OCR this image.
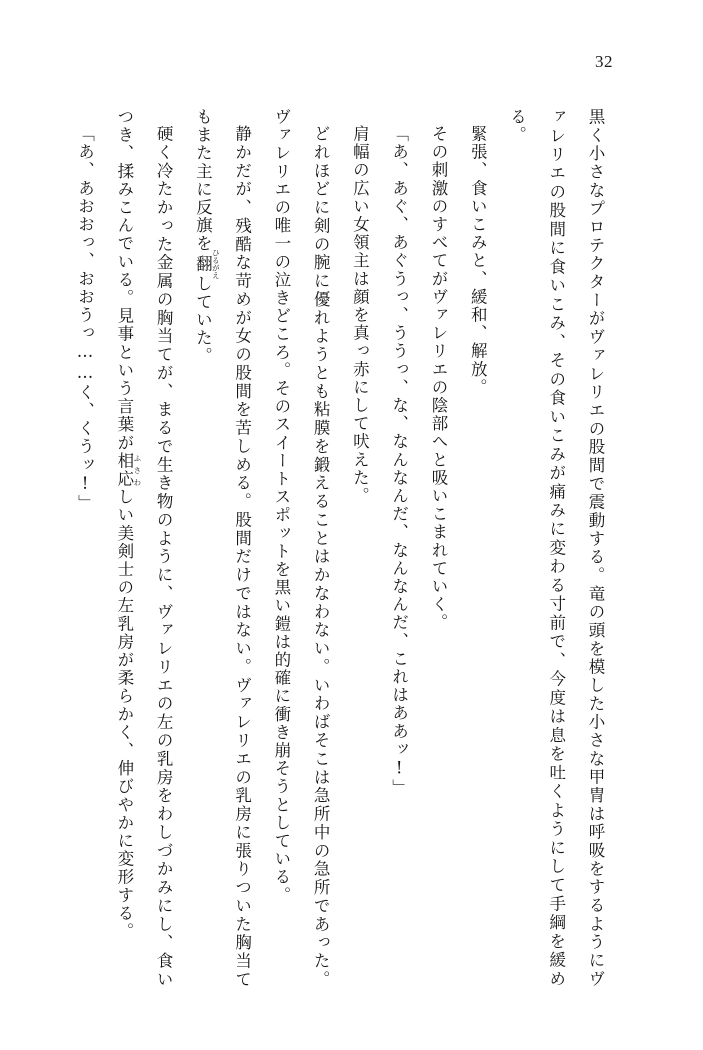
32

黒く小さなプロテクターがヴァレリエの股間で震動する。竜の頭を模した小さな甲冑は呼吸をするようにヴァレリエの股間に食いこみ、その食いこみが痛みに変わる寸前で、今度は息を吐くようにして手綱を緩める。

緊張、食いこみと、緩和、解放。

その刺激のすべてがヴァレリエの陰部へと吸いこまれていく。

「あ、あぐ、あぐうっ、ううっ、な、なんなんだ、なんなんだ、これはああッ!」

肩幅の広い女領主は顔を真っ赤にして吠えた。

どれほどに剣の腕に優れようとも粘膜を鍛えることはかなわない。いわばそこは急所中の急所であった。ヴァレリエの唯一の泣きどころ。そのスイートスポットを黒い鎧は的確に衝き崩そうとしている。

静かだが、残酷な苛めが女の股間を苦しめる。股間だけではない。ヴァレリエの乳房に張りついた胸当てもまた主に反旗を翻 ひるがえしていた。

硬く冷たかった金属の胸当てが、まるで生き物のように、ヴァレリエの左の乳房をわしづかみにし、食いつき、揉みこんでいる。見事という言葉が相応 ふさわしい美剣士の左乳房が柔らかく、伸びやかに変形する。

「あ、あおおっ、おおうっ……く、くうッ!」
